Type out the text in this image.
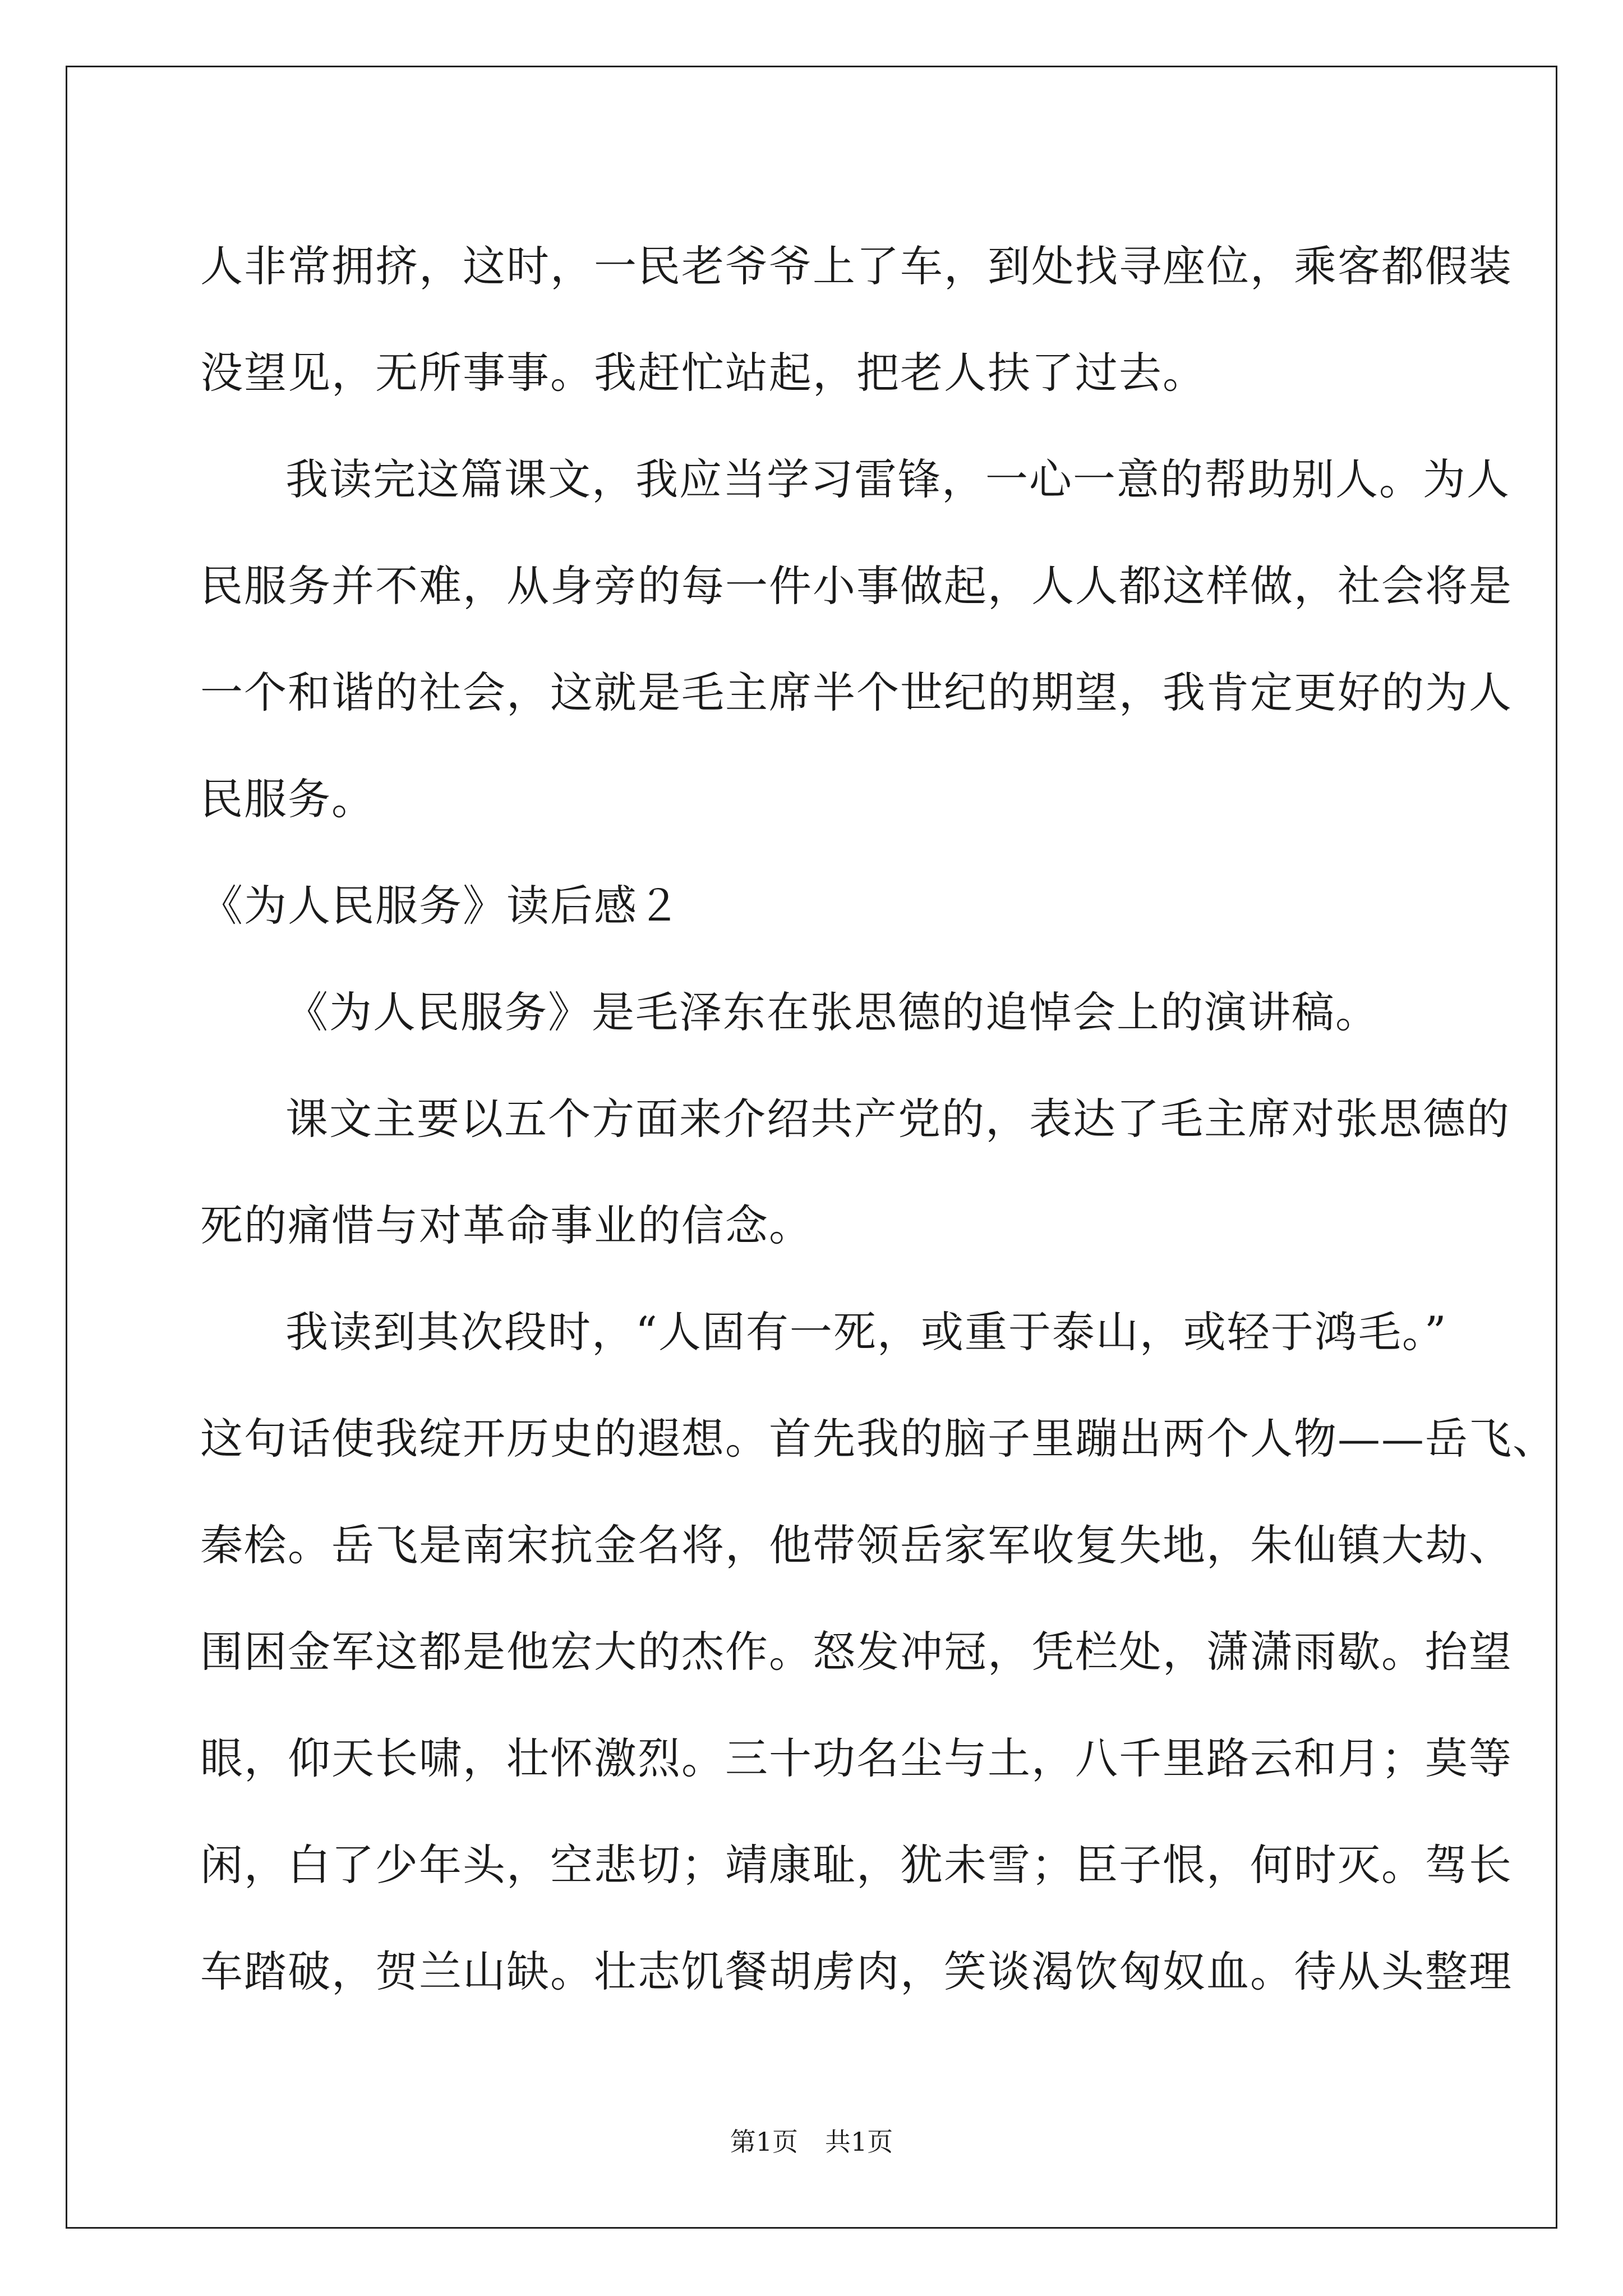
人非常拥挤，这时，一民老爷爷上了车，到处找寻座位，乘客都假装
没望见，无所事事。我赶忙站起，把老人扶了过去。
我读完这篇课文，我应当学习雷锋，一心一意的帮助别人。为人
民服务并不难，从身旁的每一件小事做起，人人都这样做，社会将是
一个和谐的社会，这就是毛主席半个世纪的期望，我肯定更好的为人
民服务。
《为人民服务》读后感２
《为人民服务》是毛泽东在张思德的追悼会上的演讲稿。
课文主要以五个方面来介绍共产党的，表达了毛主席对张思德的
死的痛惜与对革命事业的信念。
我读到其次段时，“人固有一死，或重于泰山，或轻于鸿毛。”
这句话使我绽开历史的遐想。首先我的脑子里蹦出两个人物——岳飞、
秦桧。岳飞是南宋抗金名将，他带领岳家军收复失地，朱仙镇大劫、
围困金军这都是他宏大的杰作。怒发冲冠，凭栏处，潇潇雨歇。抬望
眼，仰天长啸，壮怀激烈。三十功名尘与土，八千里路云和月；莫等
闲，白了少年头，空悲切；靖康耻，犹未雪；臣子恨，何时灭。驾长
车踏破，贺兰山缺。壮志饥餐胡虏肉，笑谈渴饮匈奴血。待从头整理
第1页 共1页
